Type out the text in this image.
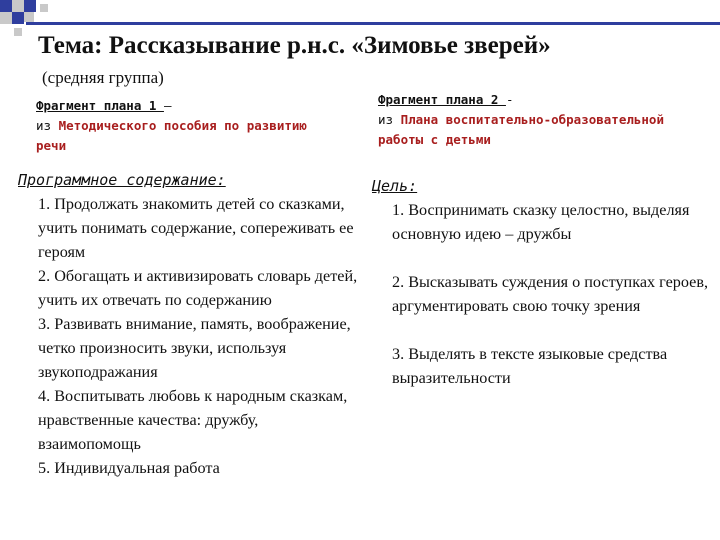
Тема: Рассказывание р.н.с. «Зимовье зверей»
(средняя группа)
Фрагмент плана 1 –
из Методического пособия по развитию речи
Фрагмент плана 2 -
из Плана воспитательно-образовательной работы с детьми
Программное содержание:
1. Продолжать знакомить детей со сказками, учить понимать содержание, сопереживать ее героям
2. Обогащать и активизировать словарь детей, учить их отвечать по содержанию
3. Развивать внимание, память, воображение, четко произносить звуки, используя звукоподражания
4. Воспитывать любовь к народным сказкам, нравственные качества: дружбу, взаимопомощь
5. Индивидуальная работа
Цель:
1. Воспринимать сказку целостно, выделяя основную идею – дружбы
2. Высказывать суждения о поступках героев, аргументировать свою точку зрения
3. Выделять в тексте языковые средства выразительности
